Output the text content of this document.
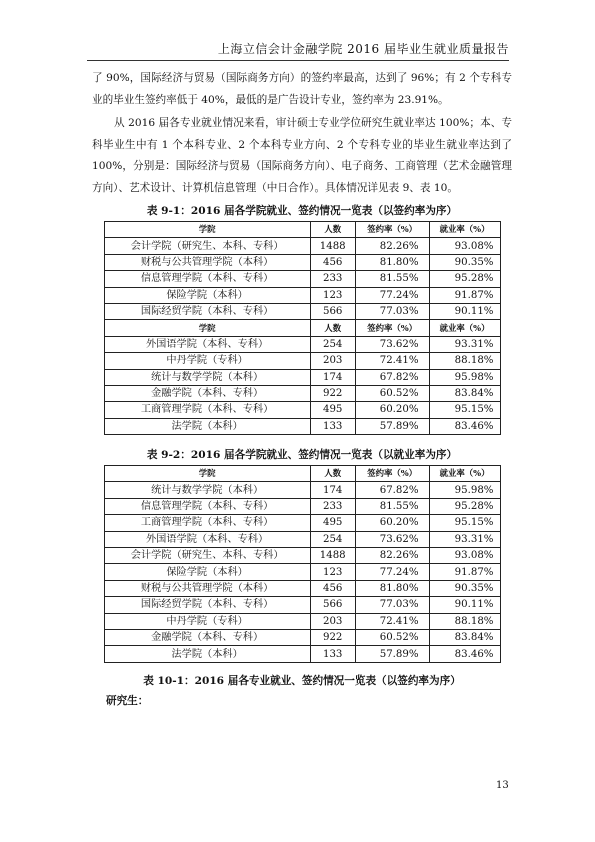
上海立信会计金融学院 2016 届毕业生就业质量报告

了 90%，国际经济与贸易（国际商务方向）的签约率最高，达到了 96%；有 2 个专科专业的毕业生签约率低于 40%，最低的是广告设计专业，签约率为 23.91%。

从 2016 届各专业就业情况来看，审计硕士专业学位研究生就业率达 100%；本、专科毕业生中有 1 个本科专业、2 个本科专业方向、2 个专科专业的毕业生就业率达到了 100%，分别是：国际经济与贸易（国际商务方向）、电子商务、工商管理（艺术金融管理方向）、艺术设计、计算机信息管理（中日合作）。具体情况详见表 9、表 10。

表 9-1：2016 届各学院就业、签约情况一览表（以签约率为序）

学院	人数	签约率（%）	就业率（%）
会计学院（研究生、本科、专科）	1488	82.26%	93.08%
财税与公共管理学院（本科）	456	81.80%	90.35%
信息管理学院（本科、专科）	233	81.55%	95.28%
保险学院（本科）	123	77.24%	91.87%
国际经贸学院（本科、专科）	566	77.03%	90.11%
学院	人数	签约率（%）	就业率（%）
外国语学院（本科、专科）	254	73.62%	93.31%
中丹学院（专科）	203	72.41%	88.18%
统计与数学学院（本科）	174	67.82%	95.98%
金融学院（本科、专科）	922	60.52%	83.84%
工商管理学院（本科、专科）	495	60.20%	95.15%
法学院（本科）	133	57.89%	83.46%

表 9-2：2016 届各学院就业、签约情况一览表（以就业率为序）

学院	人数	签约率（%）	就业率（%）
统计与数学学院（本科）	174	67.82%	95.98%
信息管理学院（本科、专科）	233	81.55%	95.28%
工商管理学院（本科、专科）	495	60.20%	95.15%
外国语学院（本科、专科）	254	73.62%	93.31%
会计学院（研究生、本科、专科）	1488	82.26%	93.08%
保险学院（本科）	123	77.24%	91.87%
财税与公共管理学院（本科）	456	81.80%	90.35%
国际经贸学院（本科、专科）	566	77.03%	90.11%
中丹学院（专科）	203	72.41%	88.18%
金融学院（本科、专科）	922	60.52%	83.84%
法学院（本科）	133	57.89%	83.46%

表 10-1：2016 届各专业就业、签约情况一览表（以签约率为序）

研究生：

13
